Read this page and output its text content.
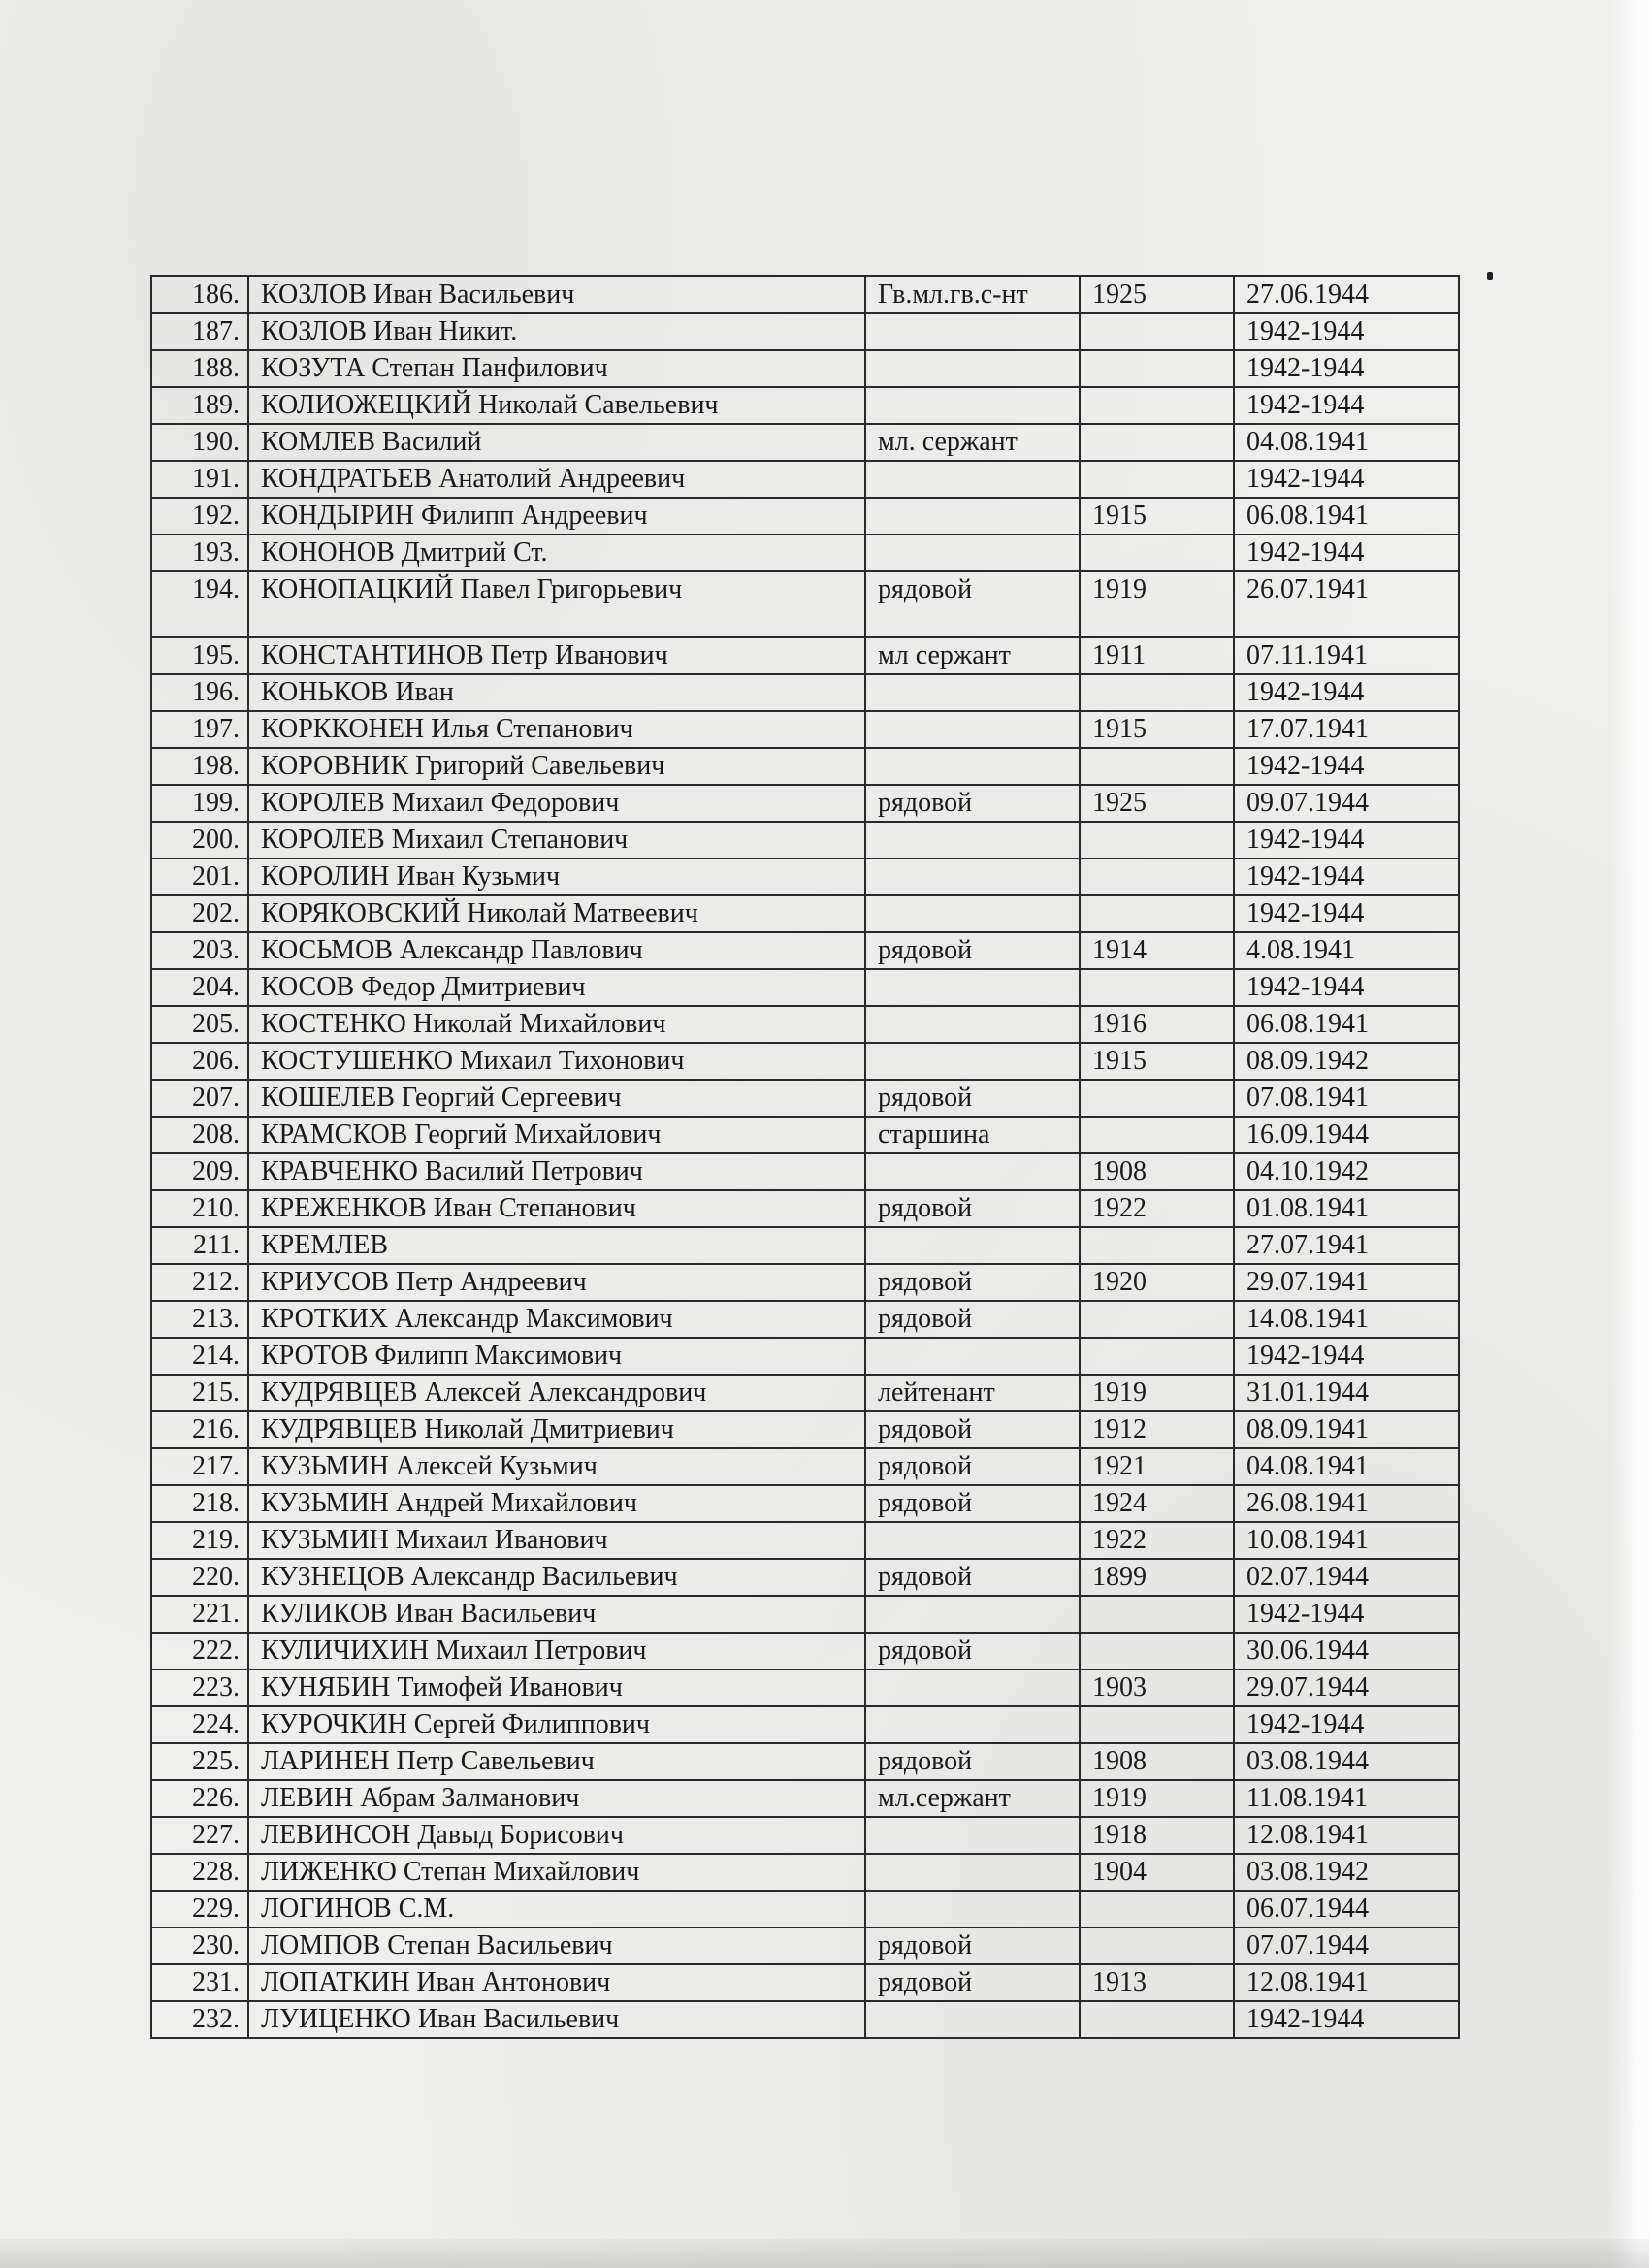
186.	КОЗЛОВ Иван Васильевич	Гв.мл.гв.с-нт	1925	27.06.1944
187.	КОЗЛОВ Иван Никит.			1942-1944
188.	КОЗУТА Степан Панфилович			1942-1944
189.	КОЛИОЖЕЦКИЙ Николай Савельевич			1942-1944
190.	КОМЛЕВ Василий	мл. сержант		04.08.1941
191.	КОНДРАТЬЕВ Анатолий Андреевич			1942-1944
192.	КОНДЫРИН Филипп Андреевич		1915	06.08.1941
193.	КОНОНОВ Дмитрий Ст.			1942-1944
194.	КОНОПАЦКИЙ Павел Григорьевич	рядовой	1919	26.07.1941
195.	КОНСТАНТИНОВ Петр Иванович	мл сержант	1911	07.11.1941
196.	КОНЬКОВ Иван			1942-1944
197.	КОРККОНЕН Илья Степанович		1915	17.07.1941
198.	КОРОВНИК Григорий Савельевич			1942-1944
199.	КОРОЛЕВ Михаил Федорович	рядовой	1925	09.07.1944
200.	КОРОЛЕВ Михаил Степанович			1942-1944
201.	КОРОЛИН Иван Кузьмич			1942-1944
202.	КОРЯКОВСКИЙ Николай Матвеевич			1942-1944
203.	КОСЬМОВ Александр Павлович	рядовой	1914	4.08.1941
204.	КОСОВ Федор Дмитриевич			1942-1944
205.	КОСТЕНКО Николай Михайлович		1916	06.08.1941
206.	КОСТУШЕНКО Михаил Тихонович		1915	08.09.1942
207.	КОШЕЛЕВ Георгий Сергеевич	рядовой		07.08.1941
208.	КРАМСКОВ Георгий Михайлович	старшина		16.09.1944
209.	КРАВЧЕНКО Василий Петрович		1908	04.10.1942
210.	КРЕЖЕНКОВ Иван Степанович	рядовой	1922	01.08.1941
211.	КРЕМЛЕВ			27.07.1941
212.	КРИУСОВ Петр Андреевич	рядовой	1920	29.07.1941
213.	КРОТКИХ Александр Максимович	рядовой		14.08.1941
214.	КРОТОВ Филипп Максимович			1942-1944
215.	КУДРЯВЦЕВ Алексей Александрович	лейтенант	1919	31.01.1944
216.	КУДРЯВЦЕВ Николай Дмитриевич	рядовой	1912	08.09.1941
217.	КУЗЬМИН Алексей Кузьмич	рядовой	1921	04.08.1941
218.	КУЗЬМИН Андрей Михайлович	рядовой	1924	26.08.1941
219.	КУЗЬМИН Михаил Иванович		1922	10.08.1941
220.	КУЗНЕЦОВ Александр Васильевич	рядовой	1899	02.07.1944
221.	КУЛИКОВ Иван Васильевич			1942-1944
222.	КУЛИЧИХИН Михаил Петрович	рядовой		30.06.1944
223.	КУНЯБИН Тимофей Иванович		1903	29.07.1944
224.	КУРОЧКИН Сергей Филиппович			1942-1944
225.	ЛАРИНЕН Петр Савельевич	рядовой	1908	03.08.1944
226.	ЛЕВИН Абрам Залманович	мл.сержант	1919	11.08.1941
227.	ЛЕВИНСОН Давыд Борисович		1918	12.08.1941
228.	ЛИЖЕНКО Степан Михайлович		1904	03.08.1942
229.	ЛОГИНОВ С.М.			06.07.1944
230.	ЛОМПОВ Степан Васильевич	рядовой		07.07.1944
231.	ЛОПАТКИН Иван Антонович	рядовой	1913	12.08.1941
232.	ЛУИЦЕНКО Иван Васильевич			1942-1944
